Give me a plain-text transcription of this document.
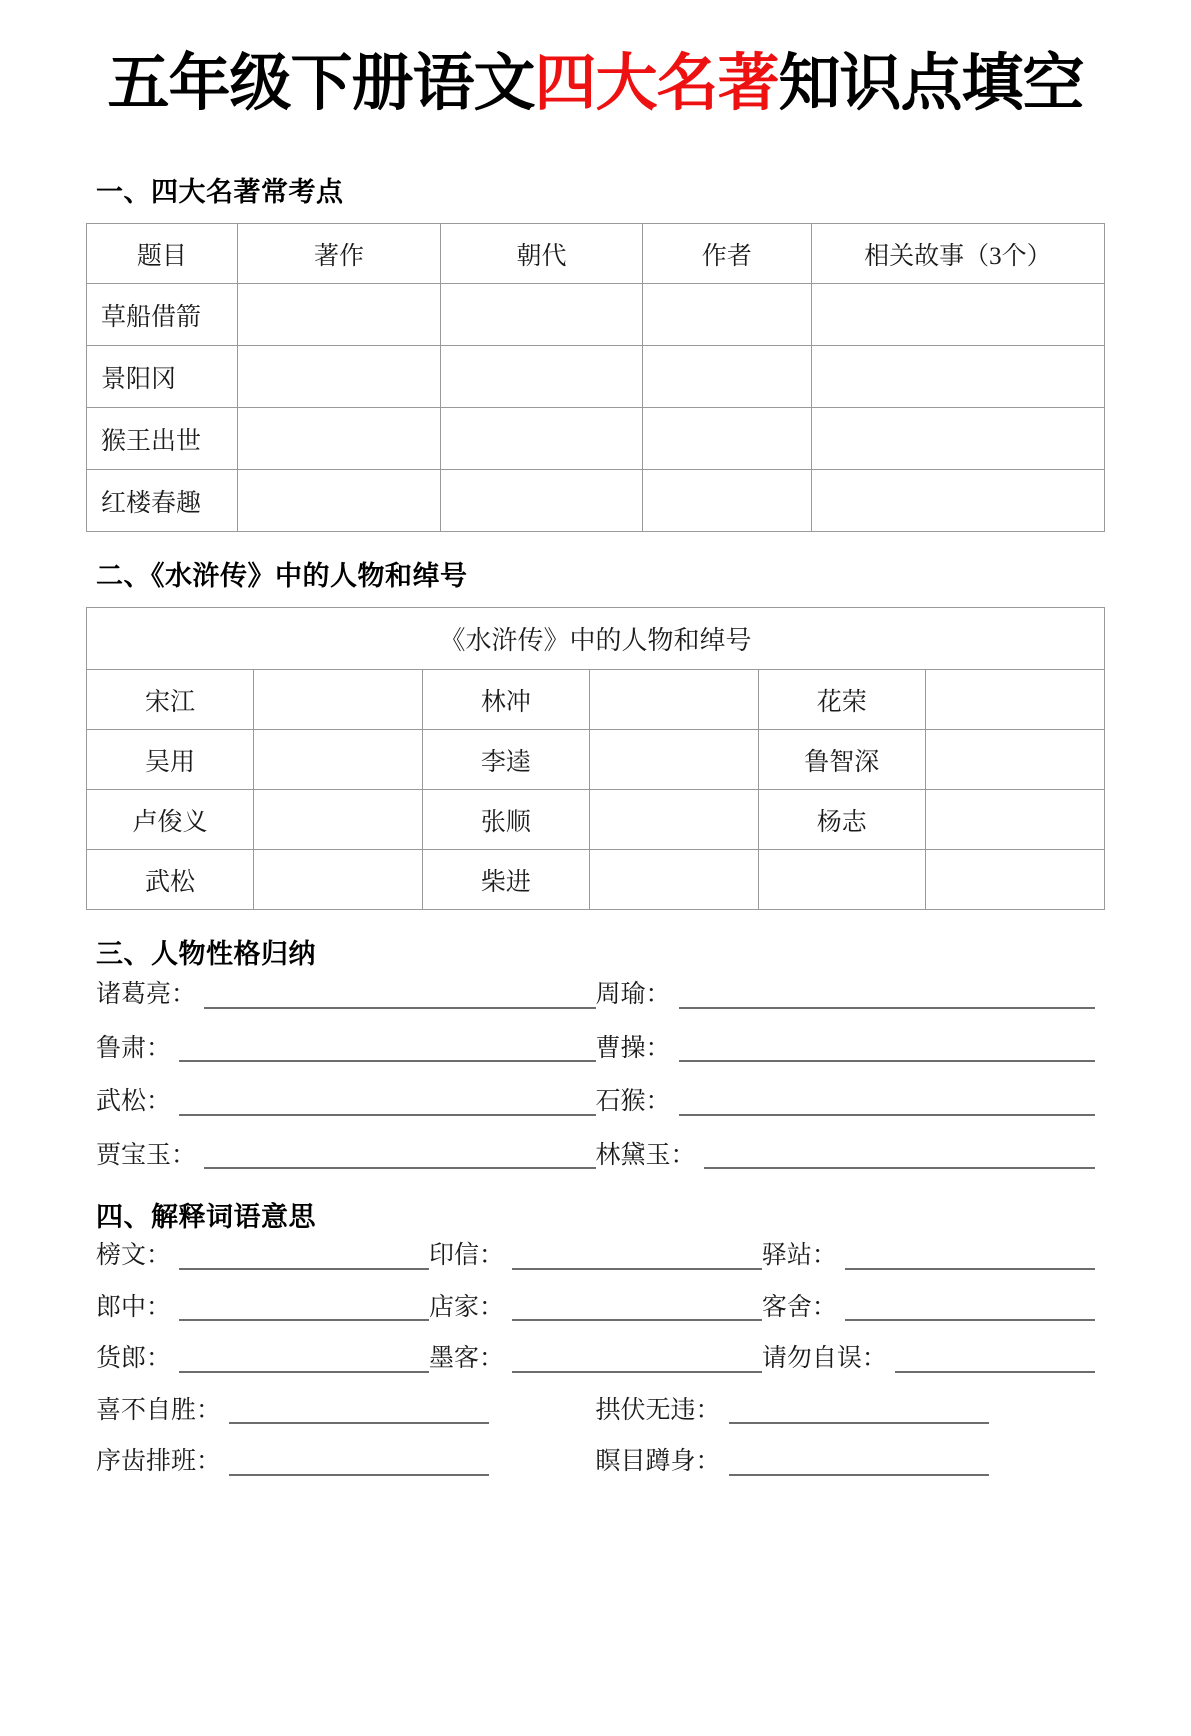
五年级下册语文四大名著知识点填空
一、四大名著常考点
题目	著作	朝代	作者	相关故事（3个）
草船借箭				
景阳冈				
猴王出世				
红楼春趣				
二、《水浒传》中的人物和绰号
《水浒传》中的人物和绰号					
宋江		林冲		花荣	
吴用		李逵		鲁智深	
卢俊义		张顺		杨志	
武松		柴进			
三、人物性格归纳
诸葛亮：	周瑜：
鲁肃：	曹操：
武松：	石猴：
贾宝玉：	林黛玉：
四、解释词语意思
榜文：	印信：	驿站：
郎中：	店家：	客舍：
货郎：	墨客：	请勿自误：
喜不自胜：	拱伏无违：
序齿排班：	瞑目蹲身：
